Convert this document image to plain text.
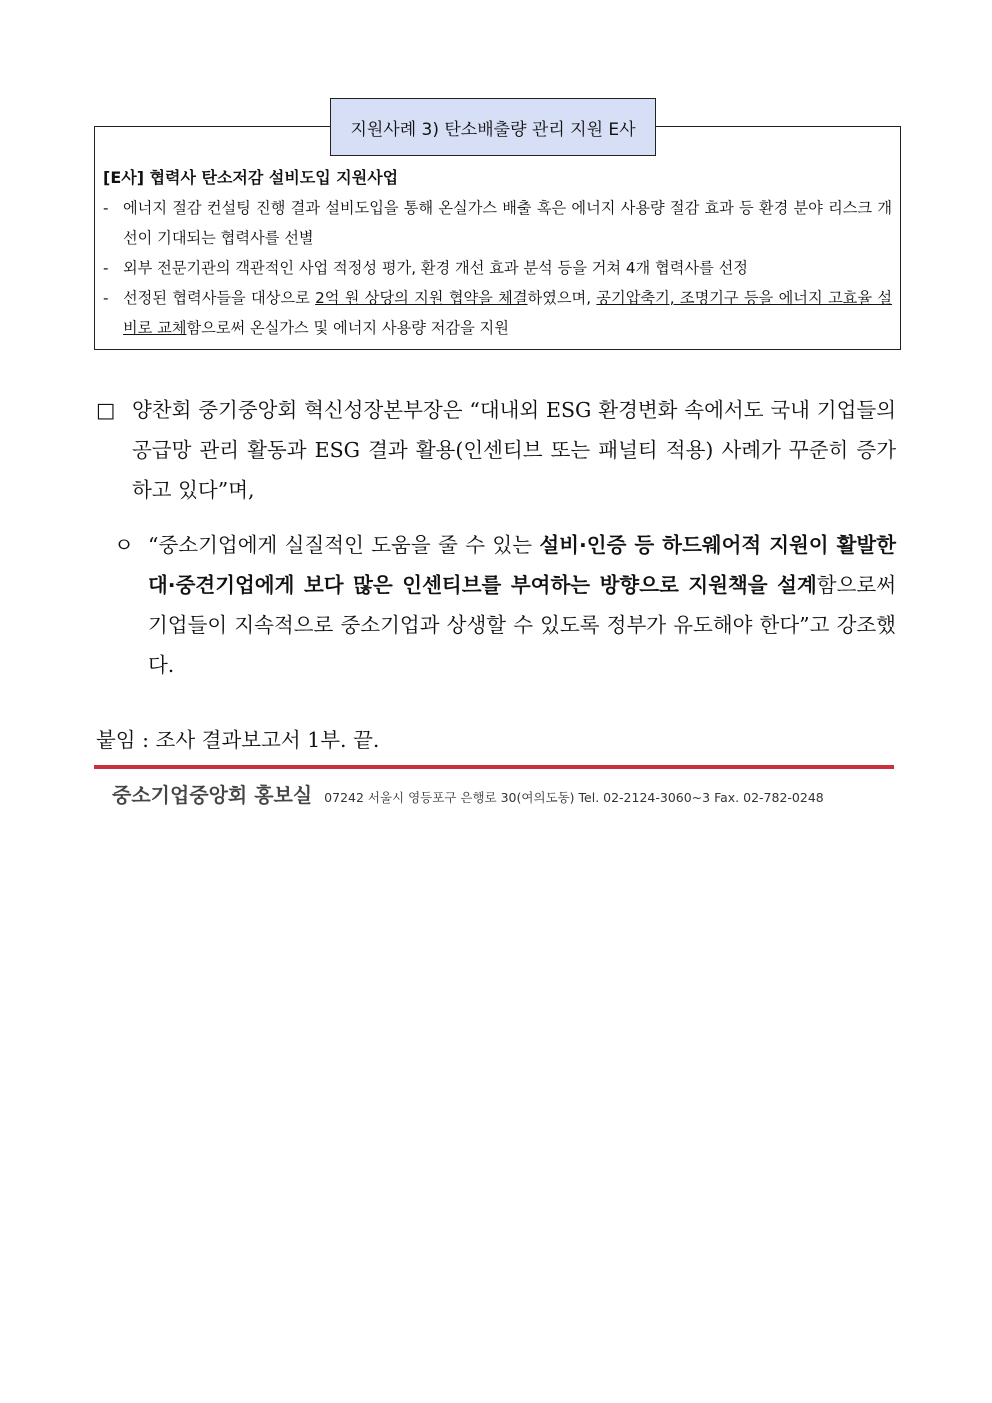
[E사] 협력사 탄소저감 설비도입 지원사업
- 에너지 절감 컨설팅 진행 결과 설비도입을 통해 온실가스 배출 혹은 에너지 사용량 절감 효과 등 환경 분야 리스크 개선이 기대되는 협력사를 선별
- 외부 전문기관의 객관적인 사업 적정성 평가, 환경 개선 효과 분석 등을 거쳐 4개 협력사를 선정
- 선정된 협력사들을 대상으로 2억 원 상당의 지원 협약을 체결하였으며, 공기압축기, 조명기구 등을 에너지 고효율 설비로 교체함으로써 온실가스 및 에너지 사용량 저감을 지원
지원사례 3) 탄소배출량 관리 지원 E사
□ 양찬회 중기중앙회 혁신성장본부장은 “대내외 ESG 환경변화 속에서도 국내 기업들의 공급망 관리 활동과 ESG 결과 활용(인센티브 또는 패널티 적용) 사례가 꾸준히 증가하고 있다”며,
ㅇ “중소기업에게 실질적인 도움을 줄 수 있는 설비·인증 등 하드웨어적 지원이 활발한 대·중견기업에게 보다 많은 인센티브를 부여하는 방향으로 지원책을 설계함으로써 기업들이 지속적으로 중소기업과 상생할 수 있도록 정부가 유도해야 한다”고 강조했다.
붙임 : 조사 결과보고서 1부. 끝.
중소기업중앙회 홍보실 07242 서울시 영등포구 은행로 30(여의도동) Tel. 02-2124-3060~3 Fax. 02-782-0248
